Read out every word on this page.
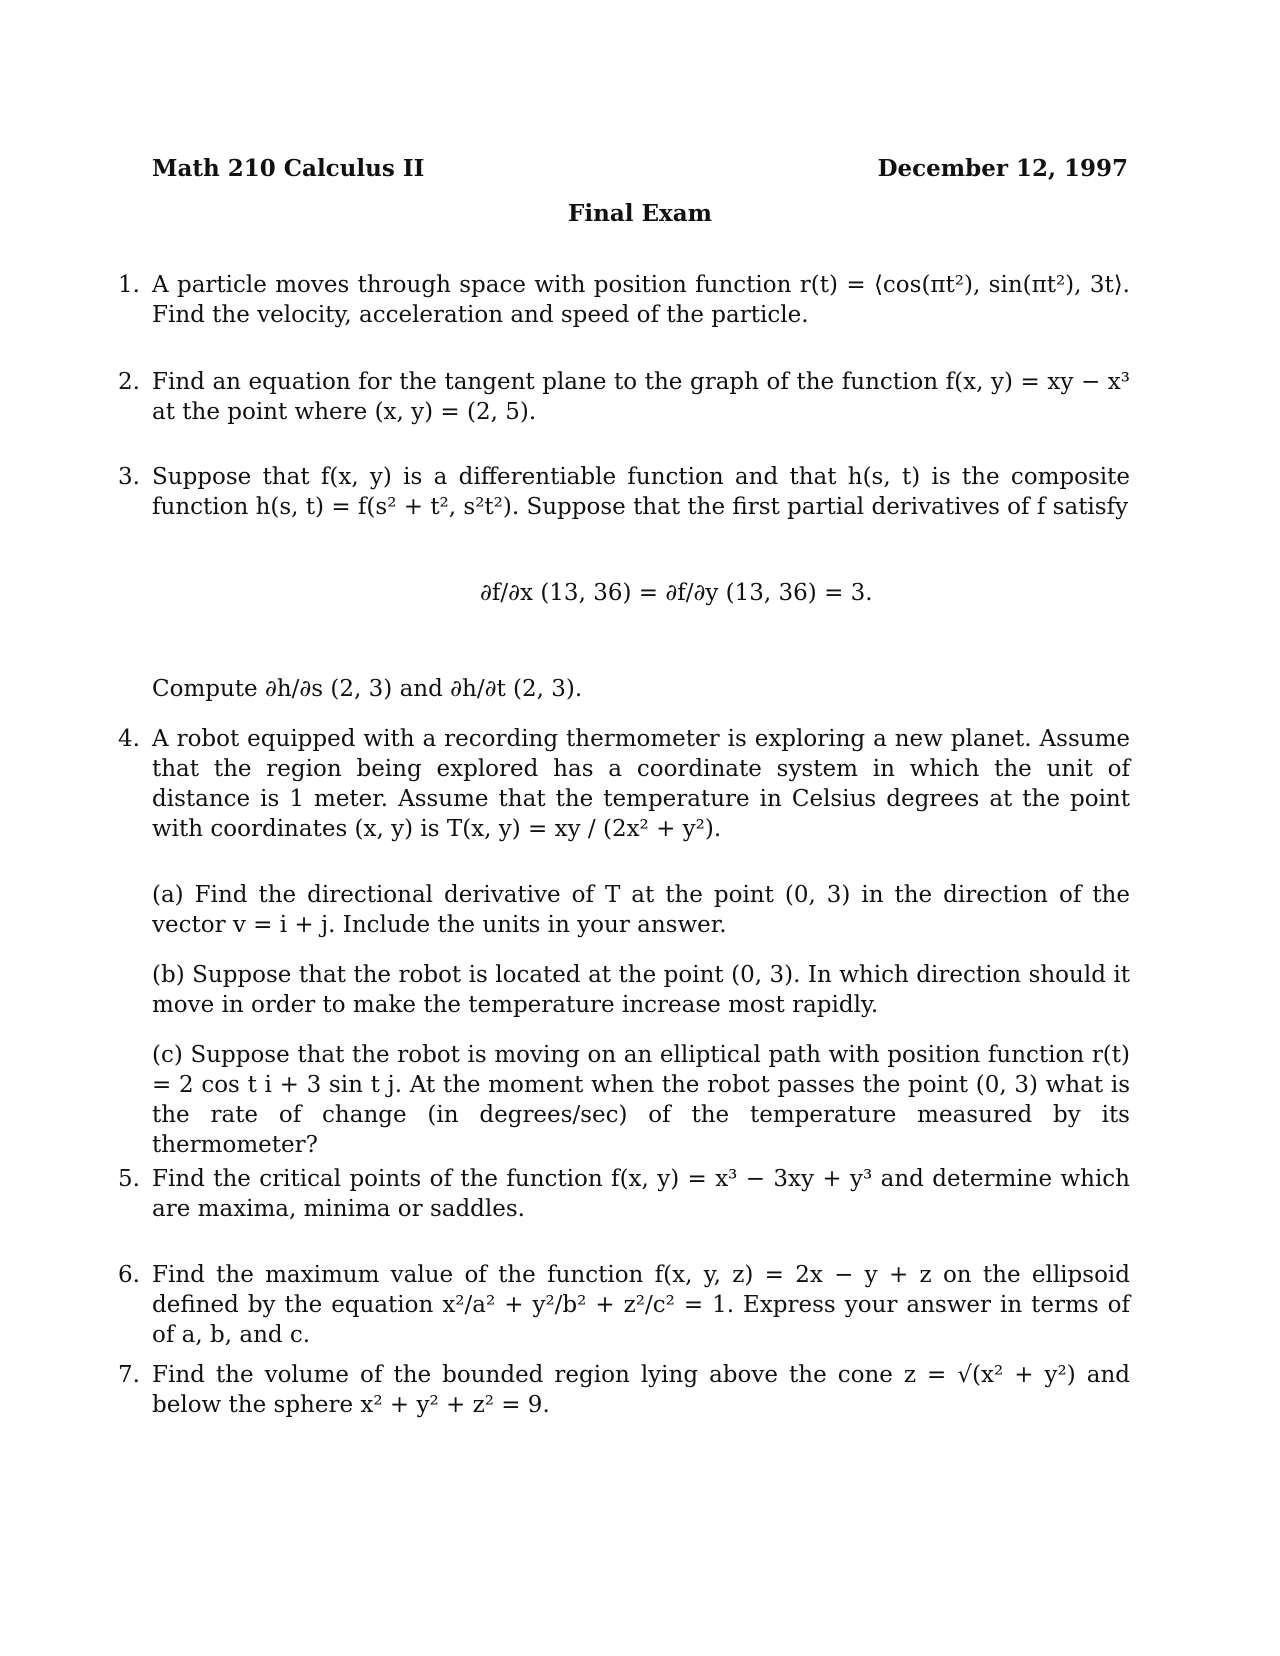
Math 210 Calculus II	December 12, 1997
Final Exam
1. A particle moves through space with position function r(t) = ⟨cos(πt²), sin(πt²), 3t⟩. Find the velocity, acceleration and speed of the particle.
2. Find an equation for the tangent plane to the graph of the function f(x, y) = xy − x³ at the point where (x, y) = (2, 5).
3. Suppose that f(x, y) is a differentiable function and that h(s, t) is the composite function h(s, t) = f(s² + t², s²t²). Suppose that the first partial derivatives of f satisfy
∂f/∂x (13, 36) = ∂f/∂y (13, 36) = 3.
Compute ∂h/∂s (2, 3) and ∂h/∂t (2, 3).
4. A robot equipped with a recording thermometer is exploring a new planet. Assume that the region being explored has a coordinate system in which the unit of distance is 1 meter. Assume that the temperature in Celsius degrees at the point with coordinates (x, y) is T(x, y) = xy / (2x² + y²).
(a) Find the directional derivative of T at the point (0, 3) in the direction of the vector v = i + j. Include the units in your answer.
(b) Suppose that the robot is located at the point (0, 3). In which direction should it move in order to make the temperature increase most rapidly.
(c) Suppose that the robot is moving on an elliptical path with position function r(t) = 2 cos t i + 3 sin t j. At the moment when the robot passes the point (0, 3) what is the rate of change (in degrees/sec) of the temperature measured by its thermometer?
5. Find the critical points of the function f(x, y) = x³ − 3xy + y³ and determine which are maxima, minima or saddles.
6. Find the maximum value of the function f(x, y, z) = 2x − y + z on the ellipsoid defined by the equation x²/a² + y²/b² + z²/c² = 1. Express your answer in terms of of a, b, and c.
7. Find the volume of the bounded region lying above the cone z = √(x² + y²) and below the sphere x² + y² + z² = 9.
